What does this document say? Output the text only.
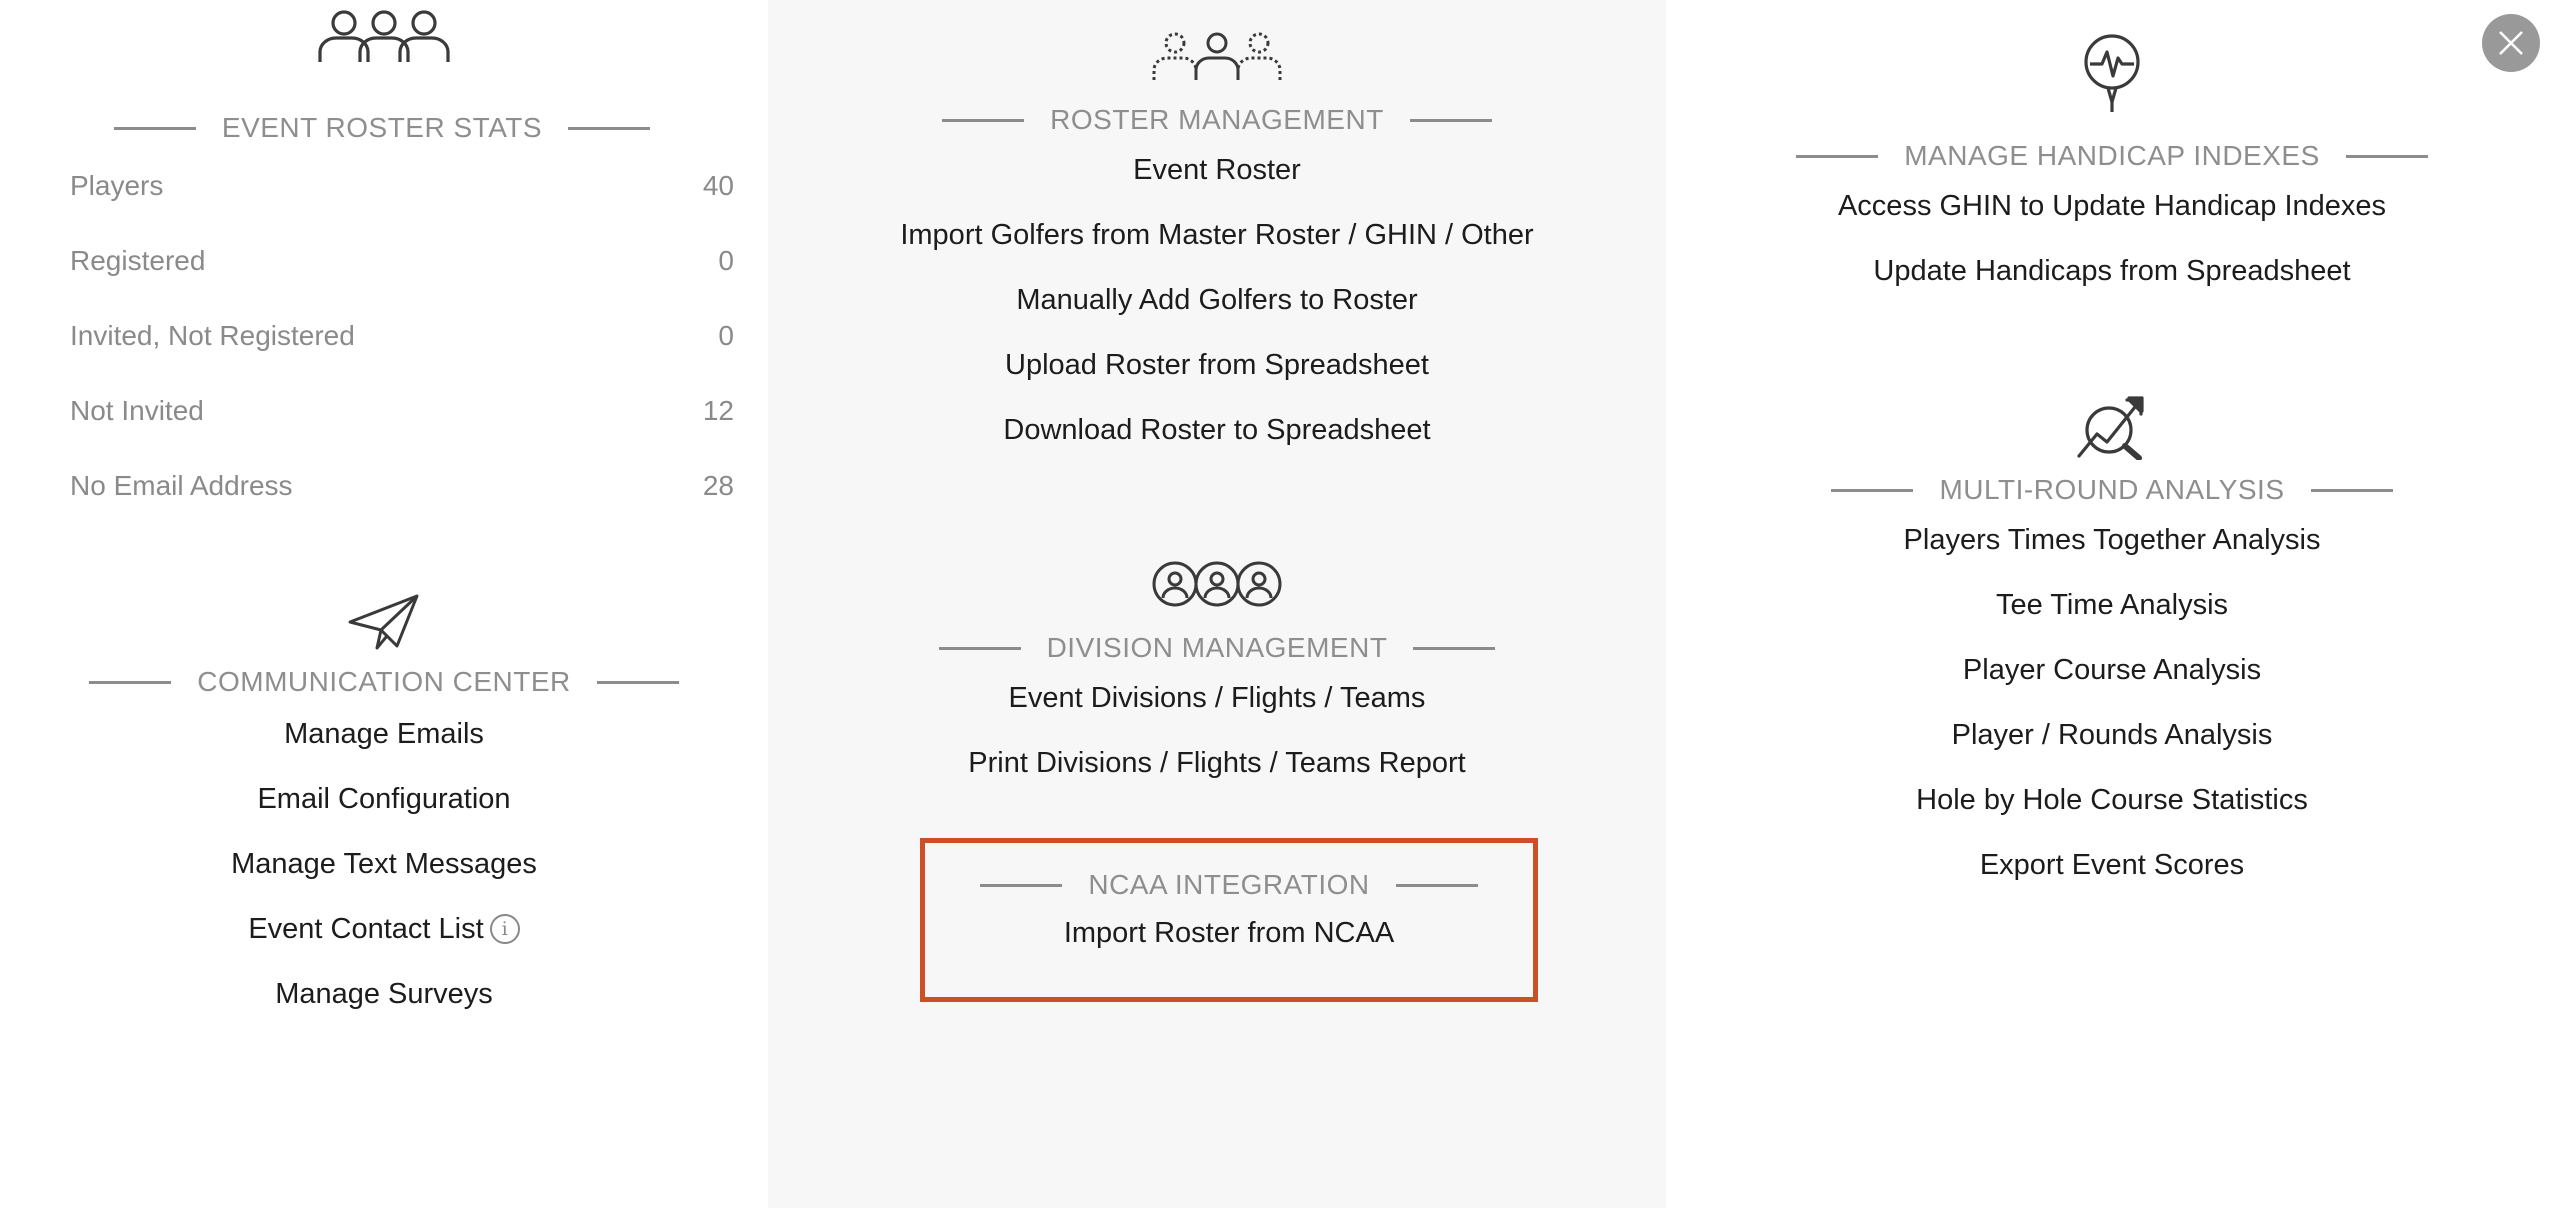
EVENT ROSTER STATS
Players	40
Registered	0
Invited, Not Registered	0
Not Invited	12
No Email Address	28
COMMUNICATION CENTER
Manage Emails
Email Configuration
Manage Text Messages
Event Contact List i
Manage Surveys
ROSTER MANAGEMENT
Event Roster
Import Golfers from Master Roster / GHIN / Other
Manually Add Golfers to Roster
Upload Roster from Spreadsheet
Download Roster to Spreadsheet
DIVISION MANAGEMENT
Event Divisions / Flights / Teams
Print Divisions / Flights / Teams Report
NCAA INTEGRATION
Import Roster from NCAA
MANAGE HANDICAP INDEXES
Access GHIN to Update Handicap Indexes
Update Handicaps from Spreadsheet
MULTI-ROUND ANALYSIS
Players Times Together Analysis
Tee Time Analysis
Player Course Analysis
Player / Rounds Analysis
Hole by Hole Course Statistics
Export Event Scores
